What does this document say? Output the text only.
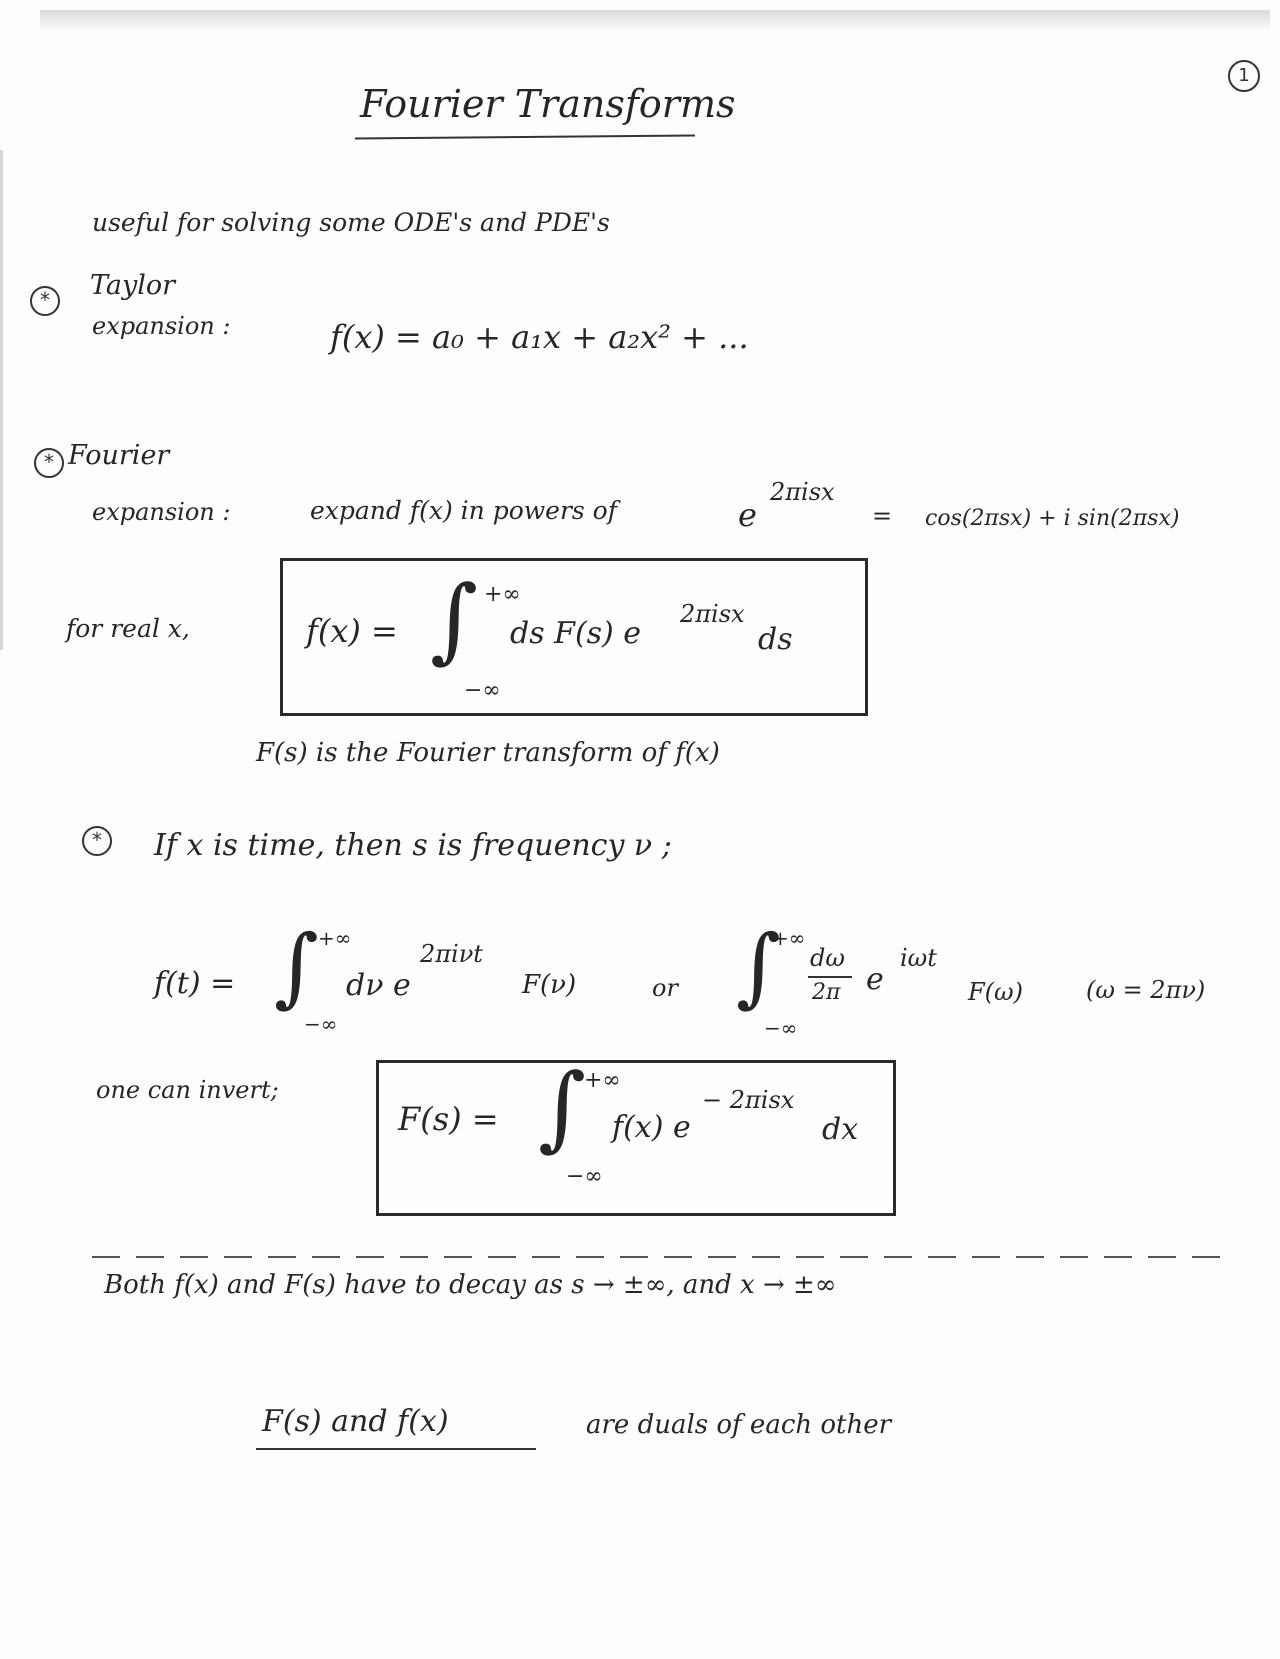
1
Fourier Transforms
useful for solving some ODE's and PDE's
*	Taylor
expansion :	f(x) = a₀ + a₁x + a₂x² + ...
* Fourier
expansion :	expand f(x) in powers of	e
2πisx
= cos(2πsx) + i sin(2πsx)
for real x,	f(x) = ∫ +∞
−∞
ds F(s) e
2πisx
ds
F(s) is the Fourier transform of f(x)
*	If x is time, then s is frequency ν ;
f(t) = ∫ +∞
−∞
dν e
2πiνt
F(ν)	or ∫
+∞
−∞
dω
2π e
iωt
F(ω)	(ω = 2πν)
one can invert;
F(s) = ∫
+∞
−∞
f(x) e
− 2πisx
dx
Both f(x) and F(s) have to decay as s → ±∞, and x → ±∞
F(s) and f(x)	are duals of each other
